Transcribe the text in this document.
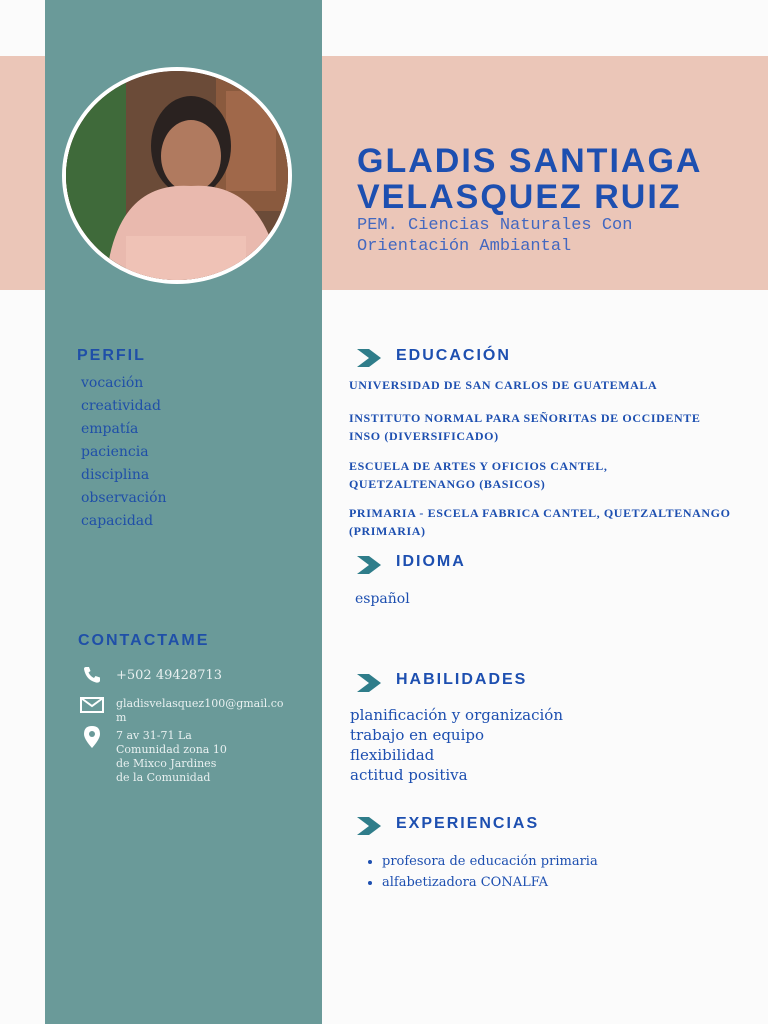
GLADIS SANTIAGA
VELASQUEZ RUIZ
PEM. Ciencias Naturales Con
Orientación Ambiantal
PERFIL
vocación
creatividad
empatía
paciencia
disciplina
observación
capacidad
CONTACTAME
+502 49428713
gladisvelasquez100@gmail.co
m
7 av 31-71 La
Comunidad zona 10
de Mixco Jardines
de la Comunidad
EDUCACIÓN
UNIVERSIDAD DE SAN CARLOS DE GUATEMALA
INSTITUTO NORMAL PARA SEÑORITAS DE OCCIDENTE
INSO (DIVERSIFICADO)
ESCUELA DE ARTES Y OFICIOS CANTEL,
QUETZALTENANGO (BASICOS)
PRIMARIA - ESCELA FABRICA CANTEL, QUETZALTENANGO
(PRIMARIA)
IDIOMA
español
HABILIDADES
planificación y organización
trabajo en equipo
flexibilidad
actitud positiva
EXPERIENCIAS
• profesora de educación primaria
• alfabetizadora CONALFA
